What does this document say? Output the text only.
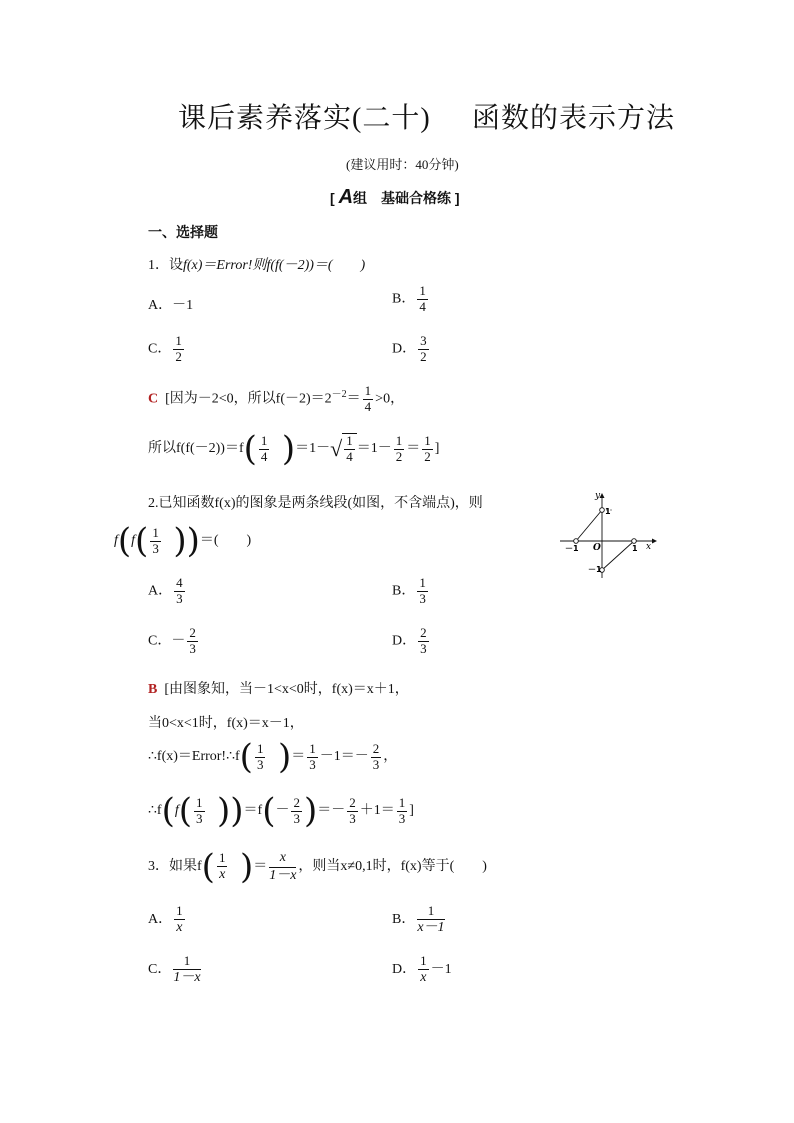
课后素养落实(二十) 函数的表示方法
(建议用时：40分钟)
[ A组　基础合格练 ]
一、选择题
1．设f(x)＝Error!则f(f(－2))＝(　　)
A．－1	B． $\frac{1}{4}$
C． $\frac{1}{2}$	D． $\frac{3}{2}$
C [因为－2<0，所以$f(-2)=2^{-2}= \frac{1}{4} >0$，
所以$f(f(-2))=f( \frac{1}{4} )=1-√ \frac{1}{4} =1- \frac{1}{2} = \frac{1}{2}$ ]
2.已知函数f(x)的图象是两条线段(如图，不含端点)，则
$f(f( \frac{1}{3}$ ))＝(　　)
y
x
O
－1	1
1
－1
A． $\frac{4}{3}$	B． $\frac{1}{3}$
C．－ $\frac{2}{3}$	D． $\frac{2}{3}$
B [由图象知，当－1<x<0时，f(x)＝x＋1，
当0<x<1时，f(x)＝x－1，
∴f(x)＝Error!∴f( $\frac{1}{3}$ )＝ $\frac{1}{3} -1=- \frac{2}{3}$ ，
∴f(f( $\frac{1}{3} ))=f(- \frac{2}{3}$ )＝－ $\frac{2}{3} +1= \frac{1}{3}$ ]
3．如果$f( \frac{1}{x}$ )＝ $\frac{x}{1-x}$ ，则当x≠0,1时，f(x)等于(　　)
A． $\frac{1}{x}$	B． $\frac{1}{x-1}$
C． $\frac{1}{1-x}$	D． $\frac{1}{x} -1$
